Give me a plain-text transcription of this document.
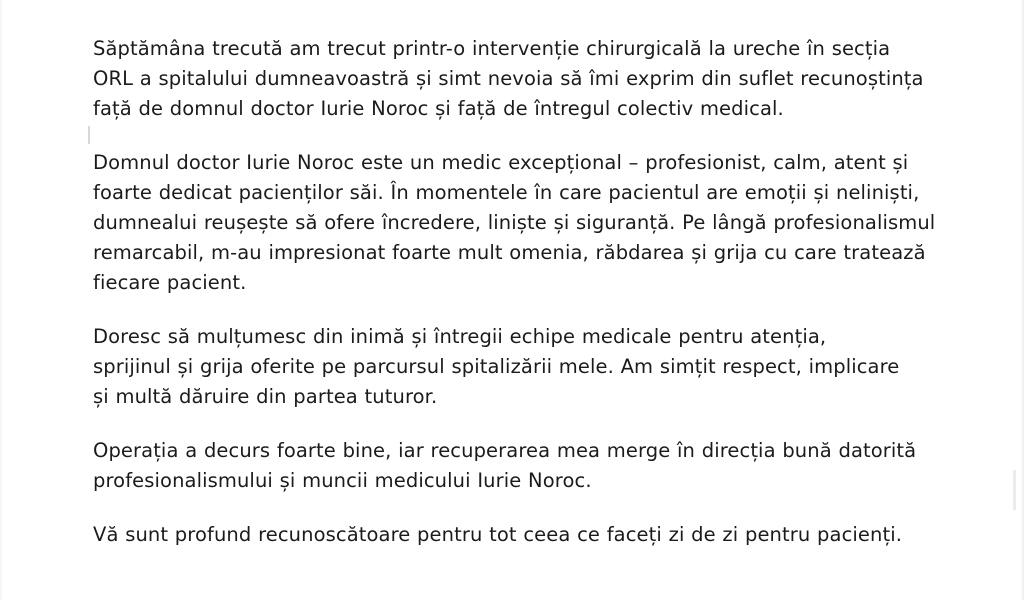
Săptămâna trecută am trecut printr-o intervenție chirurgicală la ureche în secția ORL a spitalului dumneavoastră și simt nevoia să îmi exprim din suflet recunoștința față de domnul doctor Iurie Noroc și față de întregul colectiv medical.

Domnul doctor Iurie Noroc este un medic excepțional – profesionist, calm, atent și foarte dedicat pacienților săi. În momentele în care pacientul are emoții și neliniști, dumnealui reușește să ofere încredere, liniște și siguranță. Pe lângă profesionalismul remarcabil, m-au impresionat foarte mult omenia, răbdarea și grija cu care tratează fiecare pacient.

Doresc să mulțumesc din inimă și întregii echipe medicale pentru atenția, sprijinul și grija oferite pe parcursul spitalizării mele. Am simțit respect, implicare și multă dăruire din partea tuturor.

Operația a decurs foarte bine, iar recuperarea mea merge în direcția bună datorită profesionalismului și muncii medicului Iurie Noroc.

Vă sunt profund recunoscătoare pentru tot ceea ce faceți zi de zi pentru pacienți.
